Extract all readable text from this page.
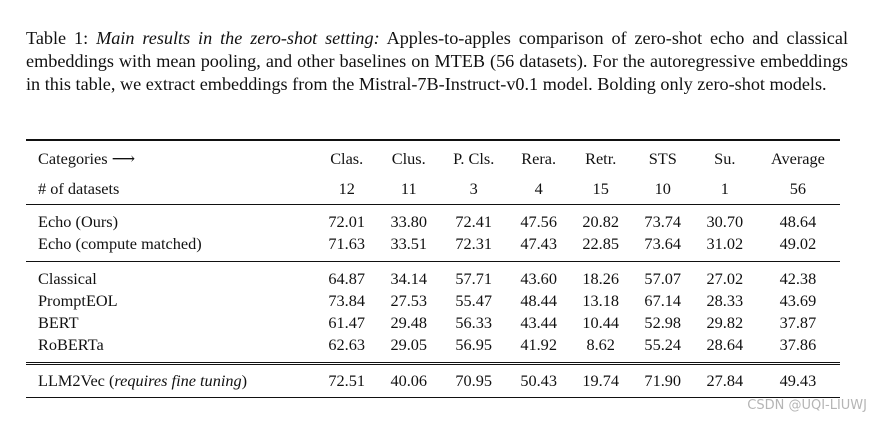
Table 1: Main results in the zero-shot setting: Apples-to-apples comparison of zero-shot echo and classical embeddings with mean pooling, and other baselines on MTEB (56 datasets). For the autoregressive embeddings in this table, we extract embeddings from the Mistral-7B-Instruct-v0.1 model. Bolding only zero-shot models.
Categories ⟶	Clas.	Clus.	P. Cls.	Rera.	Retr.	STS	Su.	Average
# of datasets	12	11	3	4	15	10	1	56
Echo (Ours)	72.01	33.80	72.41	47.56	20.82	73.74	30.70	48.64
Echo (compute matched)	71.63	33.51	72.31	47.43	22.85	73.64	31.02	49.02
Classical	64.87	34.14	57.71	43.60	18.26	57.07	27.02	42.38
PromptEOL	73.84	27.53	55.47	48.44	13.18	67.14	28.33	43.69
BERT	61.47	29.48	56.33	43.44	10.44	52.98	29.82	37.87
RoBERTa	62.63	29.05	56.95	41.92	8.62	55.24	28.64	37.86
LLM2Vec (requires fine tuning)	72.51	40.06	70.95	50.43	19.74	71.90	27.84	49.43
CSDN @UQI-LIUWJ
